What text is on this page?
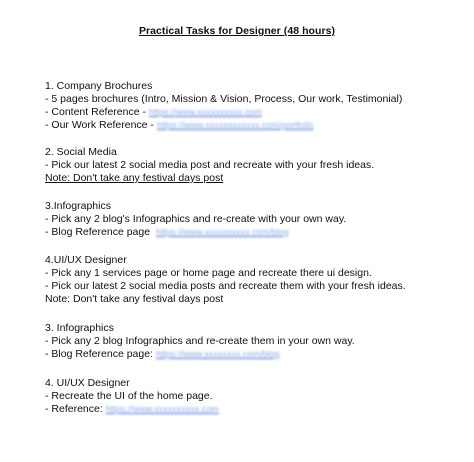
Practical Tasks for Designer (48 hours)
1. Company Brochures
- 5 pages brochures (Intro, Mission & Vision, Process, Our work, Testimonial)
- Content Reference - https://www.xxxxxxxxxx.com
- Our Work Reference - https://www.xxxxxxxxxxxx.com/portfolio
2. Social Media
- Pick our latest 2 social media post and recreate with your fresh ideas.
Note: Don't take any festival days post
3.Infographics
- Pick any 2 blog's Infographics and re-create with your own way.
- Blog Reference page https://www.xxxxxxxxxx.com/blog
4.UI/UX Designer
- Pick any 1 services page or home page and recreate there ui design.
- Pick our latest 2 social media posts and recreate them with your fresh ideas.
Note: Don't take any festival days post
3. Infographics
- Pick any 2 blog Infographics and re-create them in your own way.
- Blog Reference page: https://www.xxxxxxxx.com/blog
4. UI/UX Designer
- Recreate the UI of the home page.
- Reference: https://www.xxxxxxxxxx.com
